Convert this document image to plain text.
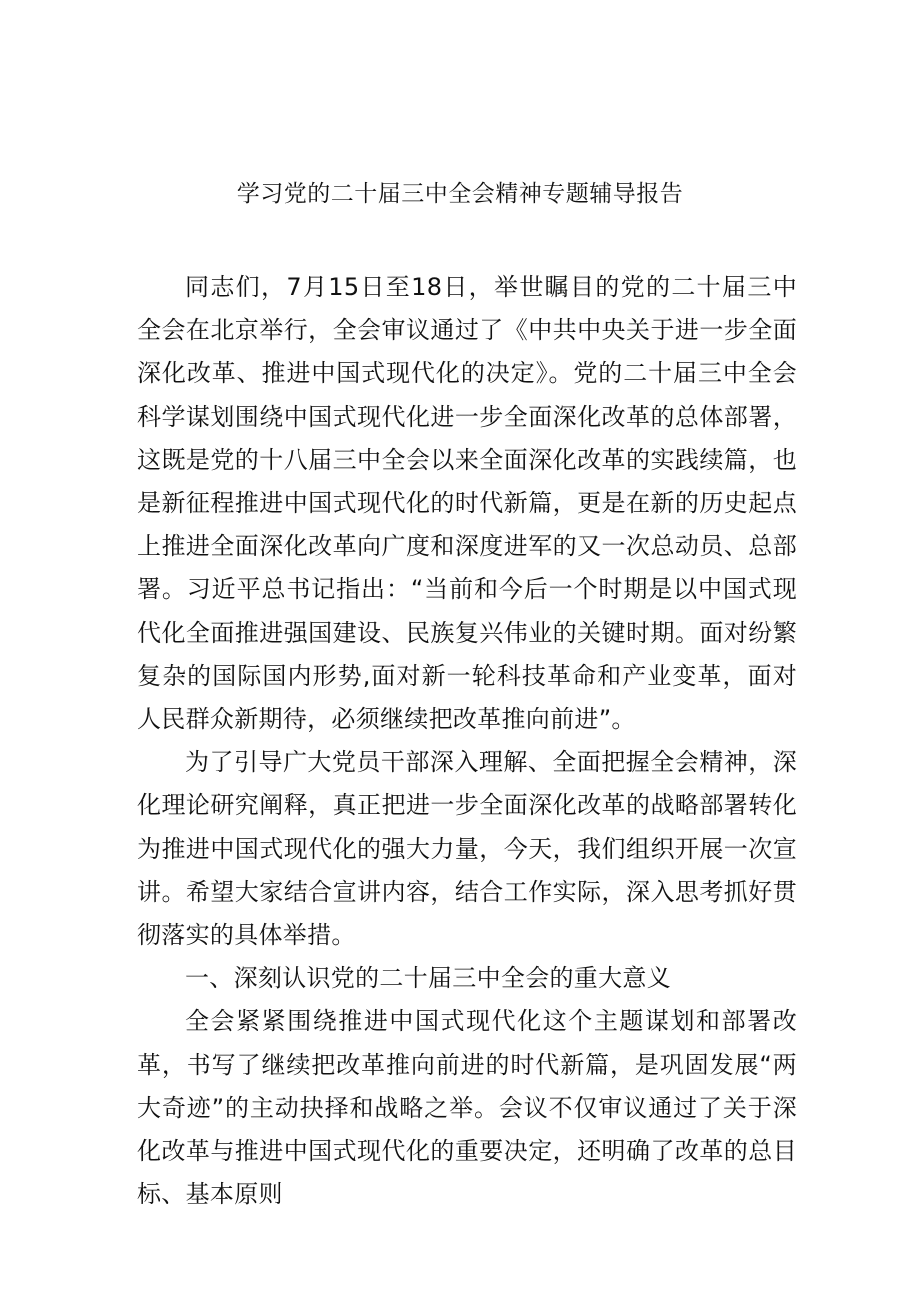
学习党的二十届三中全会精神专题辅导报告

同志们，7月15日至18日，举世瞩目的党的二十届三中全会在北京举行，全会审议通过了《中共中央关于进一步全面深化改革、推进中国式现代化的决定》。党的二十届三中全会科学谋划围绕中国式现代化进一步全面深化改革的总体部署，这既是党的十八届三中全会以来全面深化改革的实践续篇，也是新征程推进中国式现代化的时代新篇，更是在新的历史起点上推进全面深化改革向广度和深度进军的又一次总动员、总部署。习近平总书记指出：“当前和今后一个时期是以中国式现代化全面推进强国建设、民族复兴伟业的关键时期。面对纷繁复杂的国际国内形势,面对新一轮科技革命和产业变革，面对人民群众新期待，必须继续把改革推向前进”。

为了引导广大党员干部深入理解、全面把握全会精神，深化理论研究阐释，真正把进一步全面深化改革的战略部署转化为推进中国式现代化的强大力量，今天，我们组织开展一次宣讲。希望大家结合宣讲内容，结合工作实际，深入思考抓好贯彻落实的具体举措。

一、深刻认识党的二十届三中全会的重大意义

全会紧紧围绕推进中国式现代化这个主题谋划和部署改革，书写了继续把改革推向前进的时代新篇，是巩固发展“两大奇迹”的主动抉择和战略之举。会议不仅审议通过了关于深化改革与推进中国式现代化的重要决定，还明确了改革的总目标、基本原则
